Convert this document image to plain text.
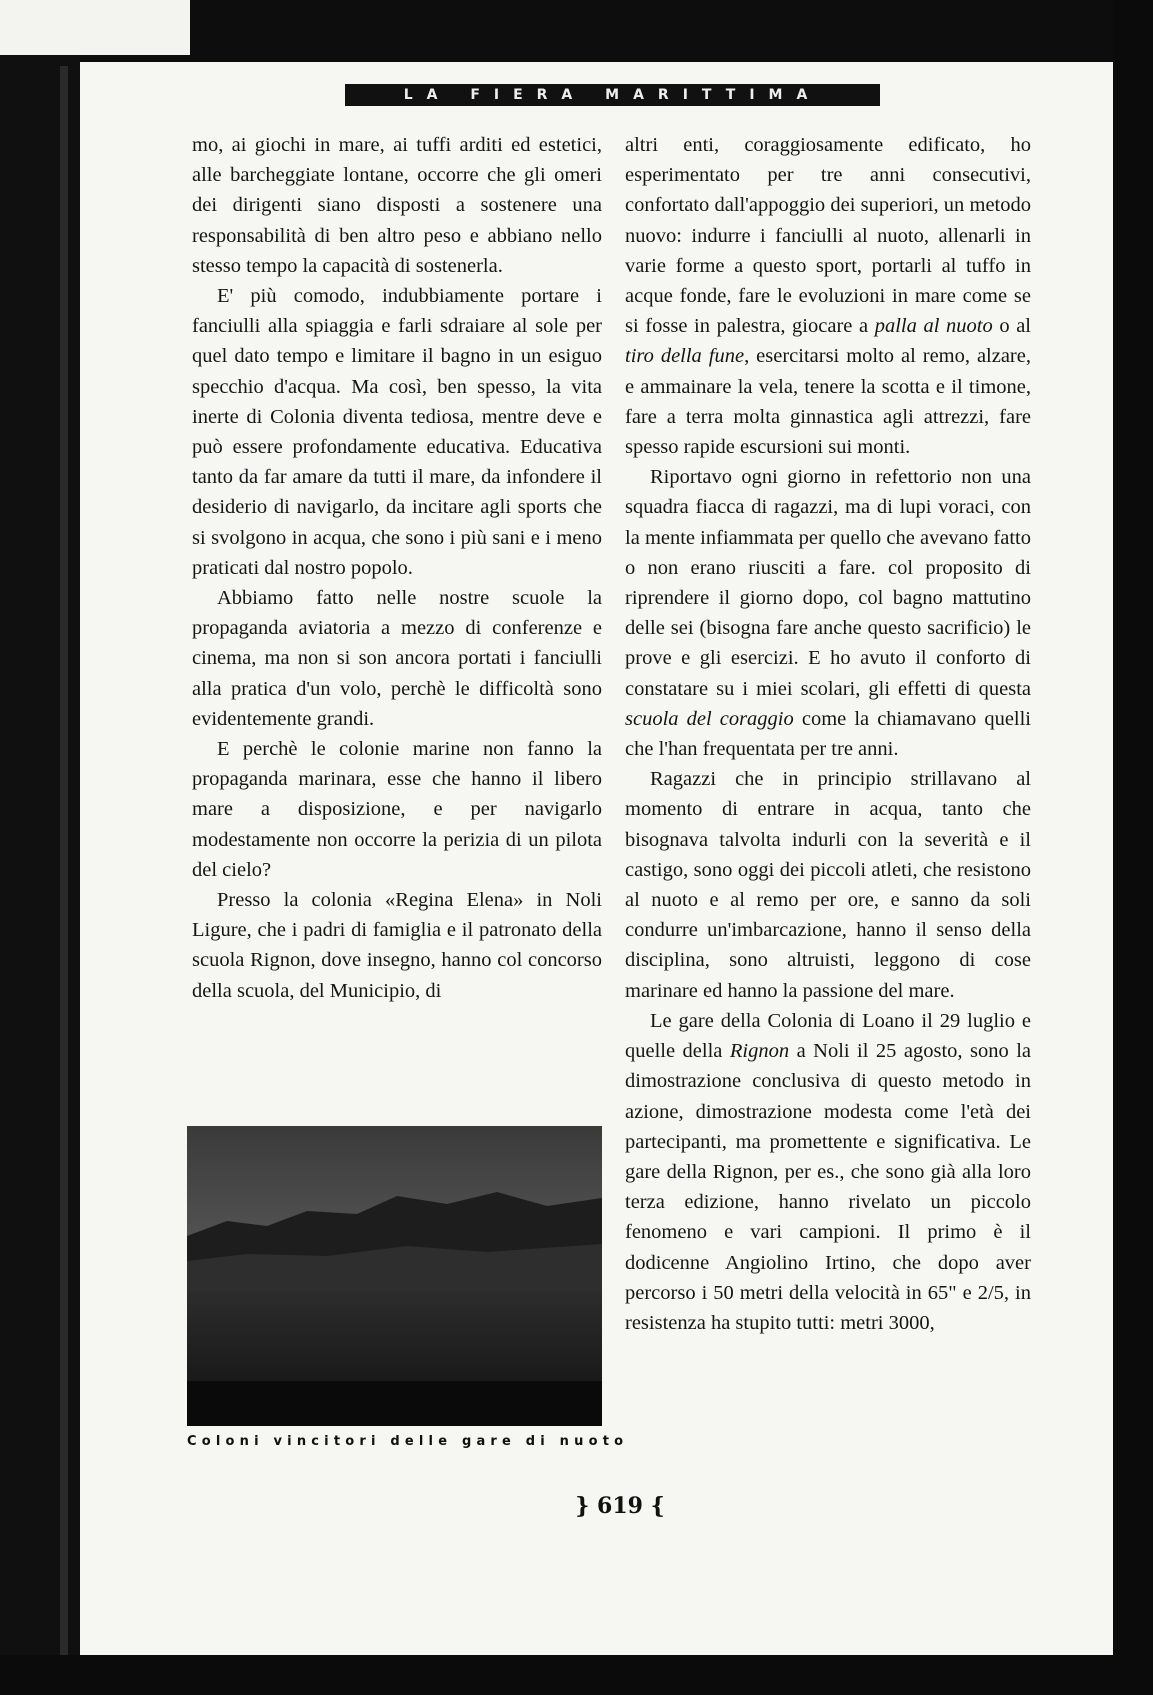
LA FIERA MARITTIMA

mo, ai giochi in mare, ai tuffi arditi ed estetici, alle barcheggiate lontane, occorre che gli omeri dei dirigenti siano disposti a sostenere una responsabilità di ben altro peso e abbiano nello stesso tempo la capacità di sostenerla.

E' più comodo, indubbiamente portare i fanciulli alla spiaggia e farli sdraiare al sole per quel dato tempo e limitare il bagno in un esiguo specchio d'acqua. Ma così, ben spesso, la vita inerte di Colonia diventa tediosa, mentre deve e può essere profondamente educativa. Educativa tanto da far amare da tutti il mare, da infondere il desiderio di navigarlo, da incitare agli sports che si svolgono in acqua, che sono i più sani e i meno praticati dal nostro popolo.

Abbiamo fatto nelle nostre scuole la propaganda aviatoria a mezzo di conferenze e cinema, ma non si son ancora portati i fanciulli alla pratica d'un volo, perchè le difficoltà sono evidentemente grandi.

E perchè le colonie marine non fanno la propaganda marinara, esse che hanno il libero mare a disposizione, e per navigarlo modestamente non occorre la perizia di un pilota del cielo?

Presso la colonia «Regina Elena» in Noli Ligure, che i padri di famiglia e il patronato della scuola Rignon, dove insegno, hanno col concorso della scuola, del Municipio, di

altri enti, coraggiosamente edificato, ho esperimentato per tre anni consecutivi, confortato dall'appoggio dei superiori, un metodo nuovo: indurre i fanciulli al nuoto, allenarli in varie forme a questo sport, portarli al tuffo in acque fonde, fare le evoluzioni in mare come se si fosse in palestra, giocare a palla al nuoto o al tiro della fune, esercitarsi molto al remo, alzare, e ammainare la vela, tenere la scotta e il timone, fare a terra molta ginnastica agli attrezzi, fare spesso rapide escursioni sui monti.

Riportavo ogni giorno in refettorio non una squadra fiacca di ragazzi, ma di lupi voraci, con la mente infiammata per quello che avevano fatto o non erano riusciti a fare. col proposito di riprendere il giorno dopo, col bagno mattutino delle sei (bisogna fare anche questo sacrificio) le prove e gli esercizi. E ho avuto il conforto di constatare su i miei scolari, gli effetti di questa scuola del coraggio come la chiamavano quelli che l'han frequentata per tre anni.

Ragazzi che in principio strillavano al momento di entrare in acqua, tanto che bisognava talvolta indurli con la severità e il castigo, sono oggi dei piccoli atleti, che resistono al nuoto e al remo per ore, e sanno da soli condurre un'imbarcazione, hanno il senso della disciplina, sono altruisti, leggono di cose marinare ed hanno la passione del mare.

Le gare della Colonia di Loano il 29 luglio e quelle della Rignon a Noli il 25 agosto, sono la dimostrazione conclusiva di questo metodo in azione, dimostrazione modesta come l'età dei partecipanti, ma promettente e significativa. Le gare della Rignon, per es., che sono già alla loro terza edizione, hanno rivelato un piccolo fenomeno e vari campioni. Il primo è il dodicenne Angiolino Irtino, che dopo aver percorso i 50 metri della velocità in 65" e 2/5, in resistenza ha stupito tutti: metri 3000,

Coloni vincitori delle gare di nuoto
} 619 {
